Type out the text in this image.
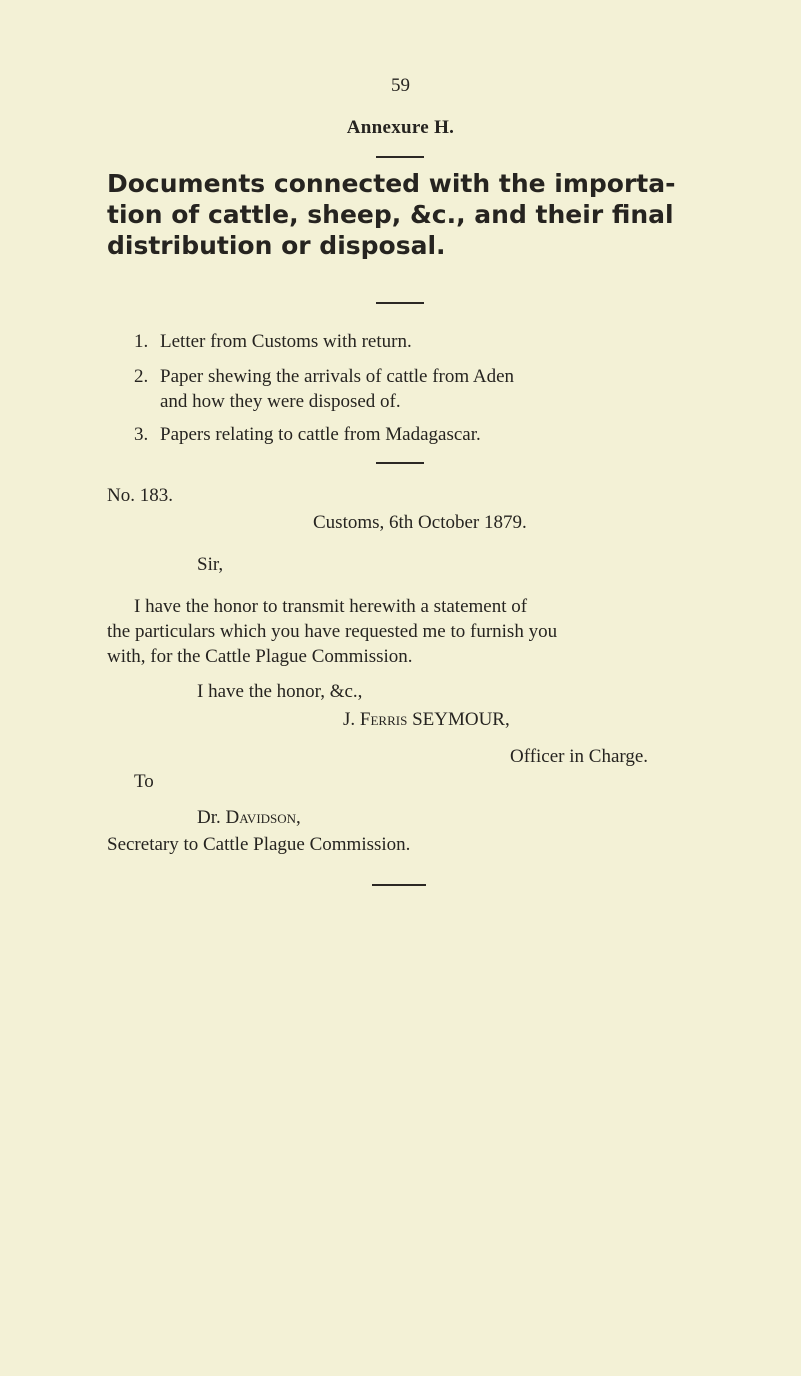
59
Annexure H.
Documents connected with the importa-
tion of cattle, sheep, &c., and their final
distribution or disposal.
1. Letter from Customs with return.
2. Paper shewing the arrivals of cattle from Aden
and how they were disposed of.
3. Papers relating to cattle from Madagascar.
No. 183.
Customs, 6th October 1879.
Sir,
I have the honor to transmit herewith a statement of
the particulars which you have requested me to furnish you
with, for the Cattle Plague Commission.
I have the honor, &c.,
J. Ferris SEYMOUR,
Officer in Charge.
To
Dr. Davidson,
Secretary to Cattle Plague Commission.
